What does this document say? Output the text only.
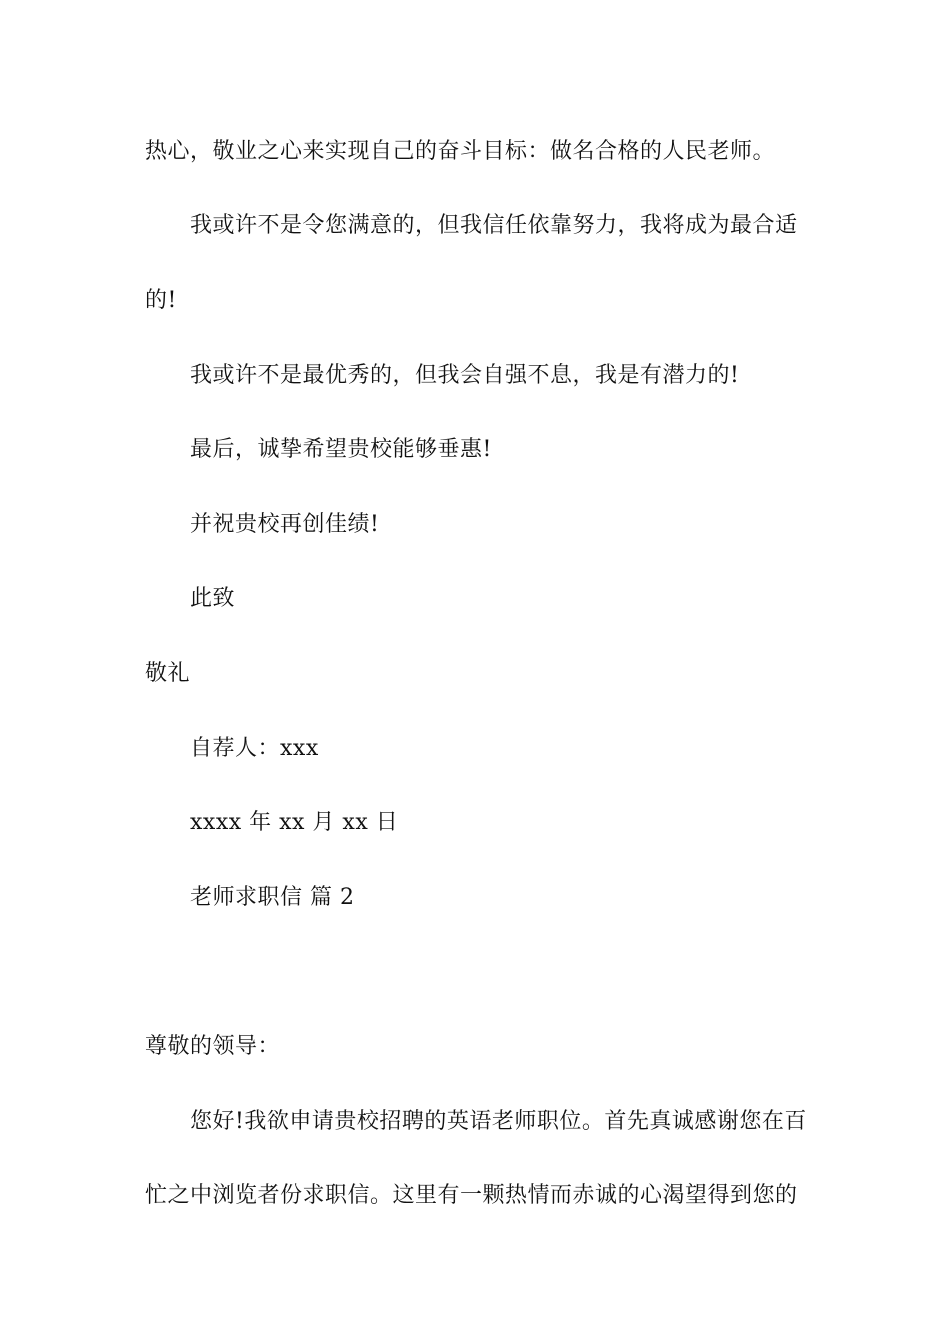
热心，敬业之心来实现自己的奋斗目标：做名合格的人民老师。
我或许不是令您满意的，但我信任依靠努力，我将成为最合适
的!
我或许不是最优秀的，但我会自强不息，我是有潜力的!
最后，诚挚希望贵校能够垂惠!
并祝贵校再创佳绩!
此致
敬礼
自荐人：xxx
xxxx 年 xx 月 xx 日
老师求职信 篇 2
尊敬的领导：
您好!我欲申请贵校招聘的英语老师职位。首先真诚感谢您在百
忙之中浏览者份求职信。这里有一颗热情而赤诚的心渴望得到您的
